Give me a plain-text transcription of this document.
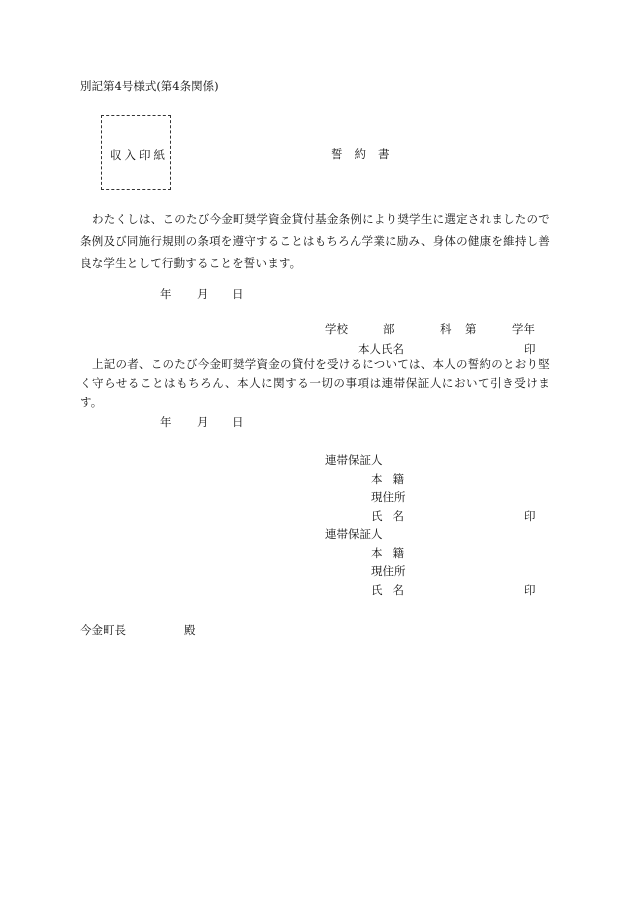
別記第4号様式(第4条関係)
収入印紙	誓約書
わたくしは、このたび今金町奨学資金貸付基金条例により奨学生に選定されましたので条例及び同施行規則の条項を遵守することはもちろん学業に励み、身体の健康を維持し善良な学生として行動することを誓います。
年 月 日
学校	部	科 第	学年
本人氏名	印
上記の者、このたび今金町奨学資金の貸付を受けるについては、本人の誓約のとおり堅く守らせることはもちろん、本人に関する一切の事項は連帯保証人において引き受けます。
年 月 日
連帯保証人
本籍
現住所
氏名	印
連帯保証人
本籍
現住所
氏名	印
今金町長	殿
